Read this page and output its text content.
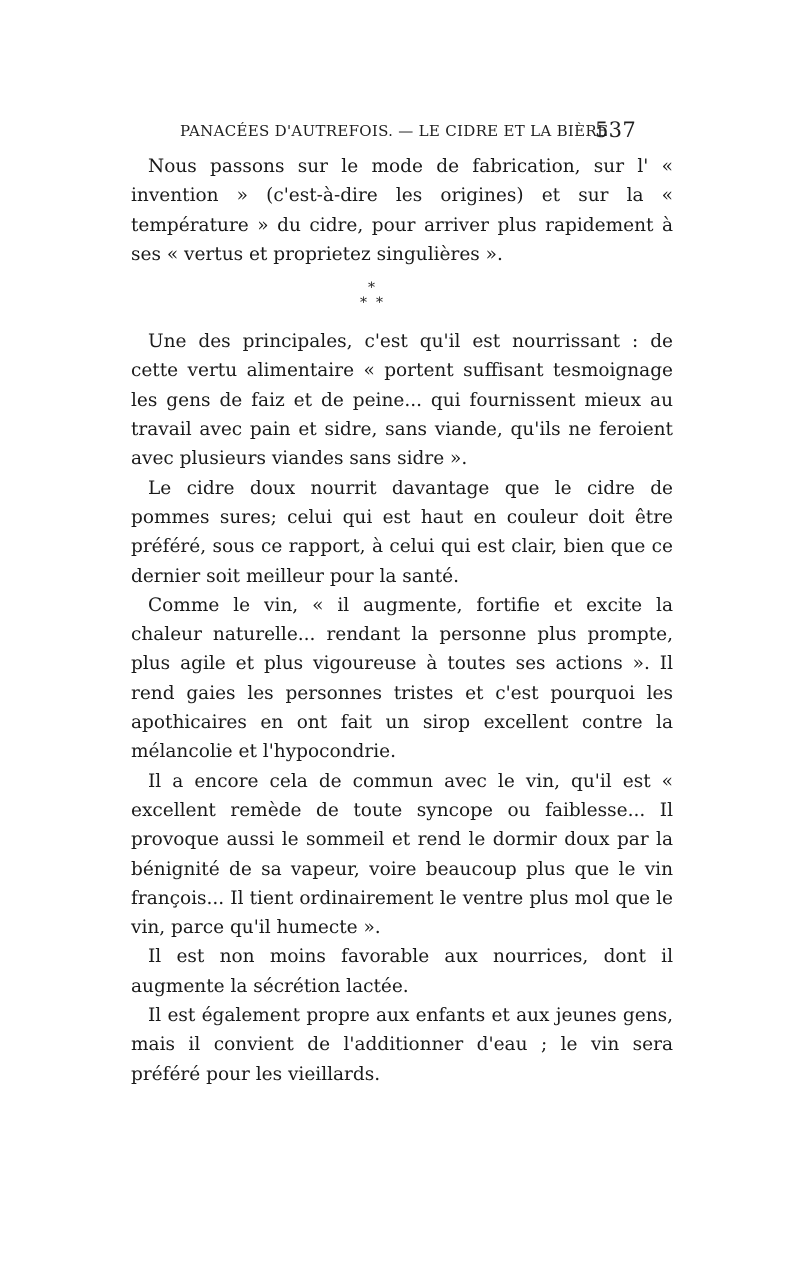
PANACÉES D'AUTREFOIS. — LE CIDRE ET LA BIÈRE
537

Nous passons sur le mode de fabrication, sur l' « invention » (c'est-à-dire les origines) et sur la « température » du cidre, pour arriver plus rapidement à ses « vertus et proprietez singulières ».

*
* *

Une des principales, c'est qu'il est nourrissant : de cette vertu alimentaire « portent suffisant tesmoignage les gens de faiz et de peine... qui fournissent mieux au travail avec pain et sidre, sans viande, qu'ils ne feroient avec plusieurs viandes sans sidre ».

Le cidre doux nourrit davantage que le cidre de pommes sures; celui qui est haut en couleur doit être préféré, sous ce rapport, à celui qui est clair, bien que ce dernier soit meilleur pour la santé.

Comme le vin, « il augmente, fortifie et excite la chaleur naturelle... rendant la personne plus prompte, plus agile et plus vigoureuse à toutes ses actions ». Il rend gaies les personnes tristes et c'est pourquoi les apothicaires en ont fait un sirop excellent contre la mélancolie et l'hypocondrie.

Il a encore cela de commun avec le vin, qu'il est « excellent remède de toute syncope ou faiblesse... Il provoque aussi le sommeil et rend le dormir doux par la bénignité de sa vapeur, voire beaucoup plus que le vin françois... Il tient ordinairement le ventre plus mol que le vin, parce qu'il humecte ».

Il est non moins favorable aux nourrices, dont il augmente la sécrétion lactée.

Il est également propre aux enfants et aux jeunes gens, mais il convient de l'additionner d'eau ; le vin sera préféré pour les vieillards.
